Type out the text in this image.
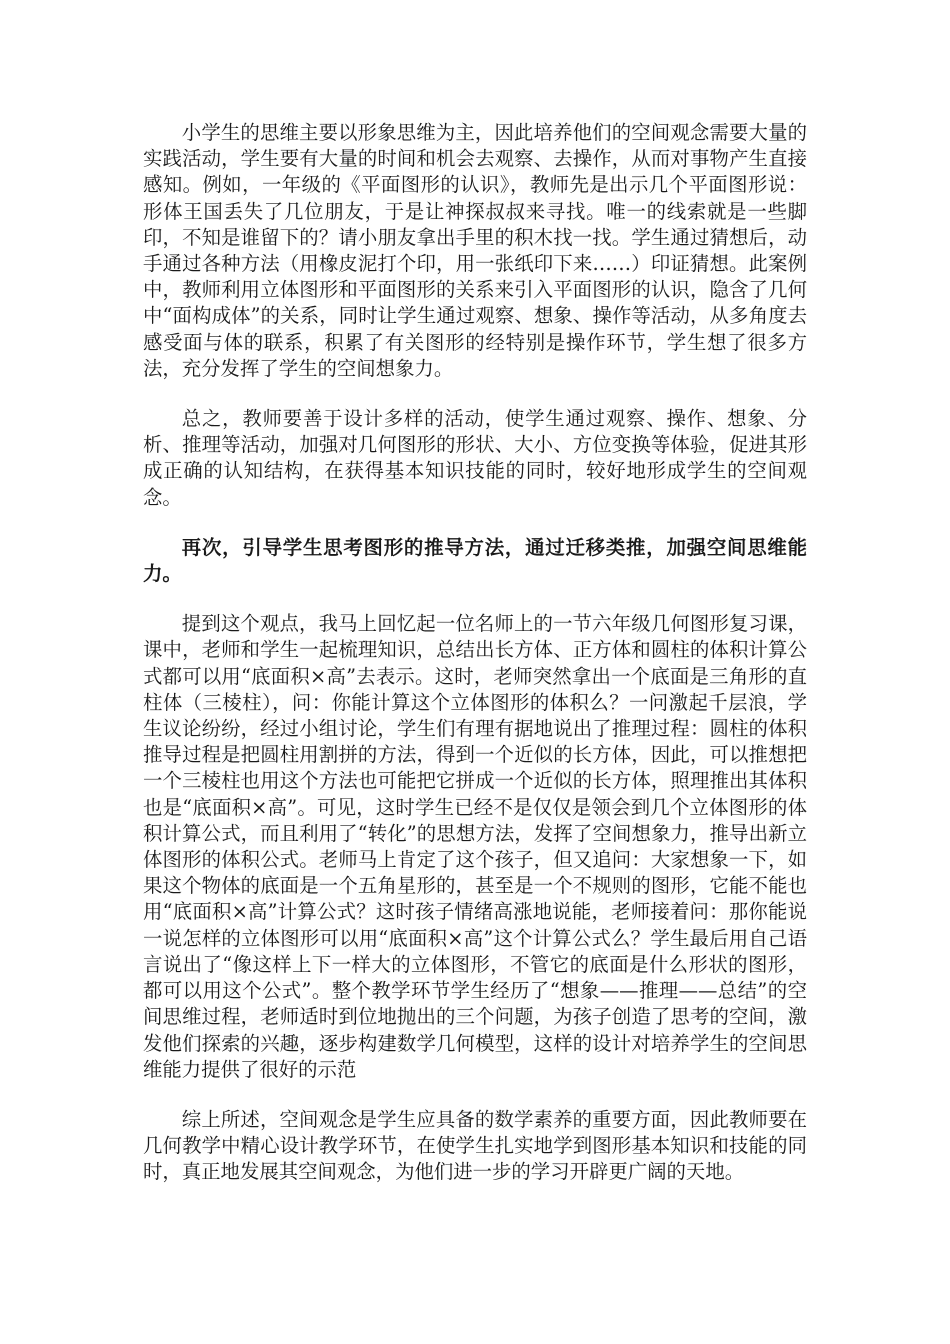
小学生的思维主要以形象思维为主，因此培养他们的空间观念需要大量的实践活动，学生要有大量的时间和机会去观察、去操作，从而对事物产生直接感知。例如，一年级的《平面图形的认识》，教师先是出示几个平面图形说：形体王国丢失了几位朋友，于是让神探叔叔来寻找。唯一的线索就是一些脚印，不知是谁留下的？请小朋友拿出手里的积木找一找。学生通过猜想后，动手通过各种方法（用橡皮泥打个印，用一张纸印下来……）印证猜想。此案例中，教师利用立体图形和平面图形的关系来引入平面图形的认识，隐含了几何中“面构成体”的关系，同时让学生通过观察、想象、操作等活动，从多角度去感受面与体的联系，积累了有关图形的经特别是操作环节，学生想了很多方法，充分发挥了学生的空间想象力。

总之，教师要善于设计多样的活动，使学生通过观察、操作、想象、分析、推理等活动，加强对几何图形的形状、大小、方位变换等体验，促进其形成正确的认知结构，在获得基本知识技能的同时，较好地形成学生的空间观念。

再次，引导学生思考图形的推导方法，通过迁移类推，加强空间思维能力。

提到这个观点，我马上回忆起一位名师上的一节六年级几何图形复习课，课中，老师和学生一起梳理知识，总结出长方体、正方体和圆柱的体积计算公式都可以用“底面积×高”去表示。这时，老师突然拿出一个底面是三角形的直柱体（三棱柱），问：你能计算这个立体图形的体积么？一问激起千层浪，学生议论纷纷，经过小组讨论，学生们有理有据地说出了推理过程：圆柱的体积推导过程是把圆柱用割拼的方法，得到一个近似的长方体，因此，可以推想把一个三棱柱也用这个方法也可能把它拼成一个近似的长方体，照理推出其体积也是“底面积×高”。可见，这时学生已经不是仅仅是领会到几个立体图形的体积计算公式，而且利用了“转化”的思想方法，发挥了空间想象力，推导出新立体图形的体积公式。老师马上肯定了这个孩子，但又追问：大家想象一下，如果这个物体的底面是一个五角星形的，甚至是一个不规则的图形，它能不能也用“底面积×高”计算公式？这时孩子情绪高涨地说能，老师接着问：那你能说一说怎样的立体图形可以用“底面积×高”这个计算公式么？学生最后用自己语言说出了“像这样上下一样大的立体图形，不管它的底面是什么形状的图形，都可以用这个公式”。整个教学环节学生经历了“想象——推理——总结”的空间思维过程，老师适时到位地抛出的三个问题，为孩子创造了思考的空间，激发他们探索的兴趣，逐步构建数学几何模型，这样的设计对培养学生的空间思维能力提供了很好的示范

综上所述，空间观念是学生应具备的数学素养的重要方面，因此教师要在几何教学中精心设计教学环节，在使学生扎实地学到图形基本知识和技能的同时，真正地发展其空间观念，为他们进一步的学习开辟更广阔的天地。
